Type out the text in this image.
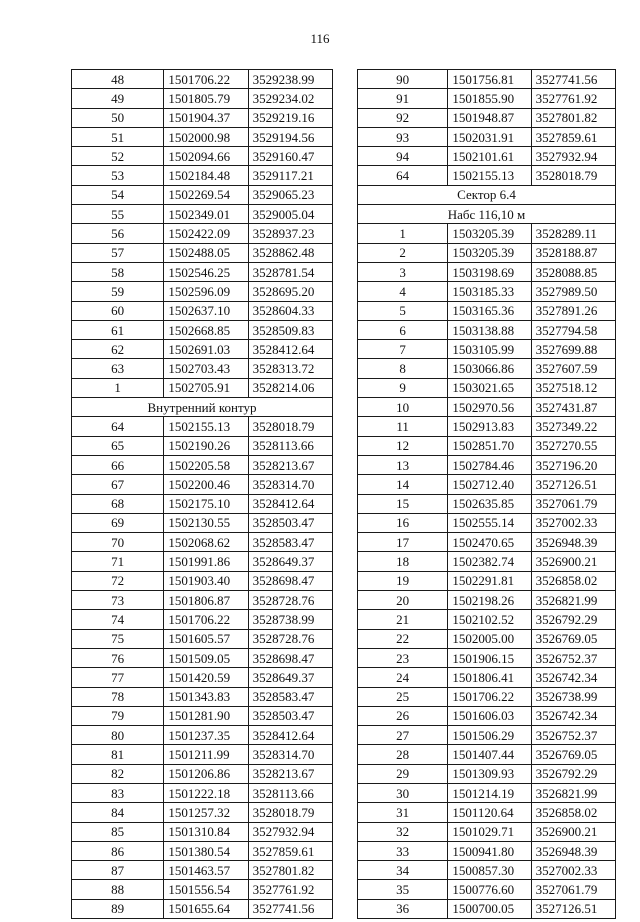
116
48	1501706.22	3529238.99
49	1501805.79	3529234.02
50	1501904.37	3529219.16
51	1502000.98	3529194.56
52	1502094.66	3529160.47
53	1502184.48	3529117.21
54	1502269.54	3529065.23
55	1502349.01	3529005.04
56	1502422.09	3528937.23
57	1502488.05	3528862.48
58	1502546.25	3528781.54
59	1502596.09	3528695.20
60	1502637.10	3528604.33
61	1502668.85	3528509.83
62	1502691.03	3528412.64
63	1502703.43	3528313.72
1	1502705.91	3528214.06
Внутренний контур		
64	1502155.13	3528018.79
65	1502190.26	3528113.66
66	1502205.58	3528213.67
67	1502200.46	3528314.70
68	1502175.10	3528412.64
69	1502130.55	3528503.47
70	1502068.62	3528583.47
71	1501991.86	3528649.37
72	1501903.40	3528698.47
73	1501806.87	3528728.76
74	1501706.22	3528738.99
75	1501605.57	3528728.76
76	1501509.05	3528698.47
77	1501420.59	3528649.37
78	1501343.83	3528583.47
79	1501281.90	3528503.47
80	1501237.35	3528412.64
81	1501211.99	3528314.70
82	1501206.86	3528213.67
83	1501222.18	3528113.66
84	1501257.32	3528018.79
85	1501310.84	3527932.94
86	1501380.54	3527859.61
87	1501463.57	3527801.82
88	1501556.54	3527761.92
89	1501655.64	3527741.56
90	1501756.81	3527741.56
91	1501855.90	3527761.92
92	1501948.87	3527801.82
93	1502031.91	3527859.61
94	1502101.61	3527932.94
64	1502155.13	3528018.79
Сектор 6.4		
Набс 116,10 м		
1	1503205.39	3528289.11
2	1503205.39	3528188.87
3	1503198.69	3528088.85
4	1503185.33	3527989.50
5	1503165.36	3527891.26
6	1503138.88	3527794.58
7	1503105.99	3527699.88
8	1503066.86	3527607.59
9	1503021.65	3527518.12
10	1502970.56	3527431.87
11	1502913.83	3527349.22
12	1502851.70	3527270.55
13	1502784.46	3527196.20
14	1502712.40	3527126.51
15	1502635.85	3527061.79
16	1502555.14	3527002.33
17	1502470.65	3526948.39
18	1502382.74	3526900.21
19	1502291.81	3526858.02
20	1502198.26	3526821.99
21	1502102.52	3526792.29
22	1502005.00	3526769.05
23	1501906.15	3526752.37
24	1501806.41	3526742.34
25	1501706.22	3526738.99
26	1501606.03	3526742.34
27	1501506.29	3526752.37
28	1501407.44	3526769.05
29	1501309.93	3526792.29
30	1501214.19	3526821.99
31	1501120.64	3526858.02
32	1501029.71	3526900.21
33	1500941.80	3526948.39
34	1500857.30	3527002.33
35	1500776.60	3527061.79
36	1500700.05	3527126.51
